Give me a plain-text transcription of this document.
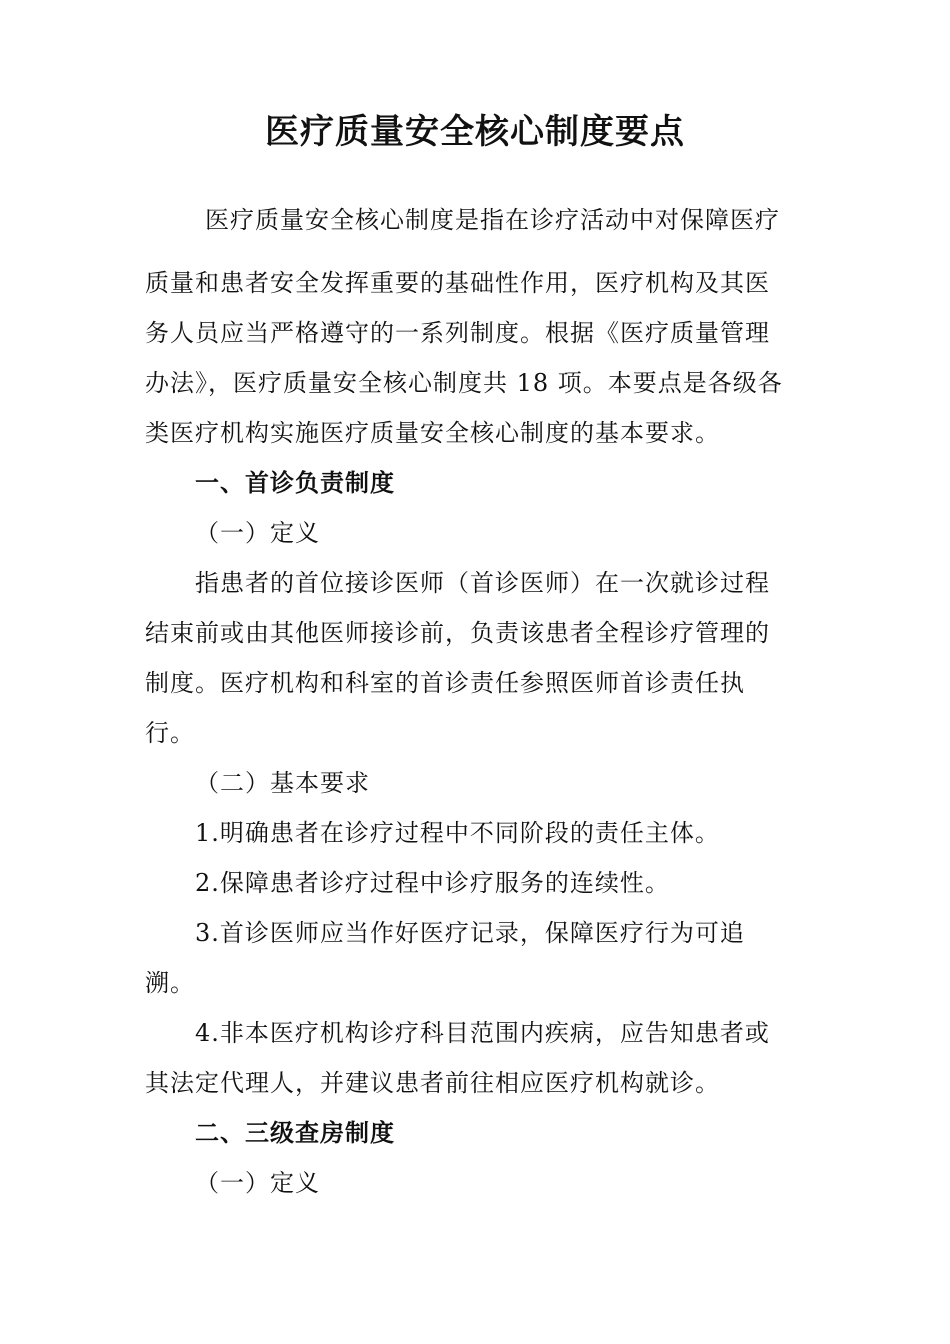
医疗质量安全核心制度要点
医疗质量安全核心制度是指在诊疗活动中对保障医疗
质量和患者安全发挥重要的基础性作用，医疗机构及其医
务人员应当严格遵守的一系列制度。根据《医疗质量管理
办法》，医疗质量安全核心制度共 18 项。本要点是各级各
类医疗机构实施医疗质量安全核心制度的基本要求。
一、首诊负责制度
（一）定义
指患者的首位接诊医师（首诊医师）在一次就诊过程
结束前或由其他医师接诊前，负责该患者全程诊疗管理的
制度。医疗机构和科室的首诊责任参照医师首诊责任执
行。
（二）基本要求
1.明确患者在诊疗过程中不同阶段的责任主体。
2.保障患者诊疗过程中诊疗服务的连续性。
3.首诊医师应当作好医疗记录，保障医疗行为可追
溯。
4.非本医疗机构诊疗科目范围内疾病，应告知患者或
其法定代理人，并建议患者前往相应医疗机构就诊。
二、三级查房制度
（一）定义
